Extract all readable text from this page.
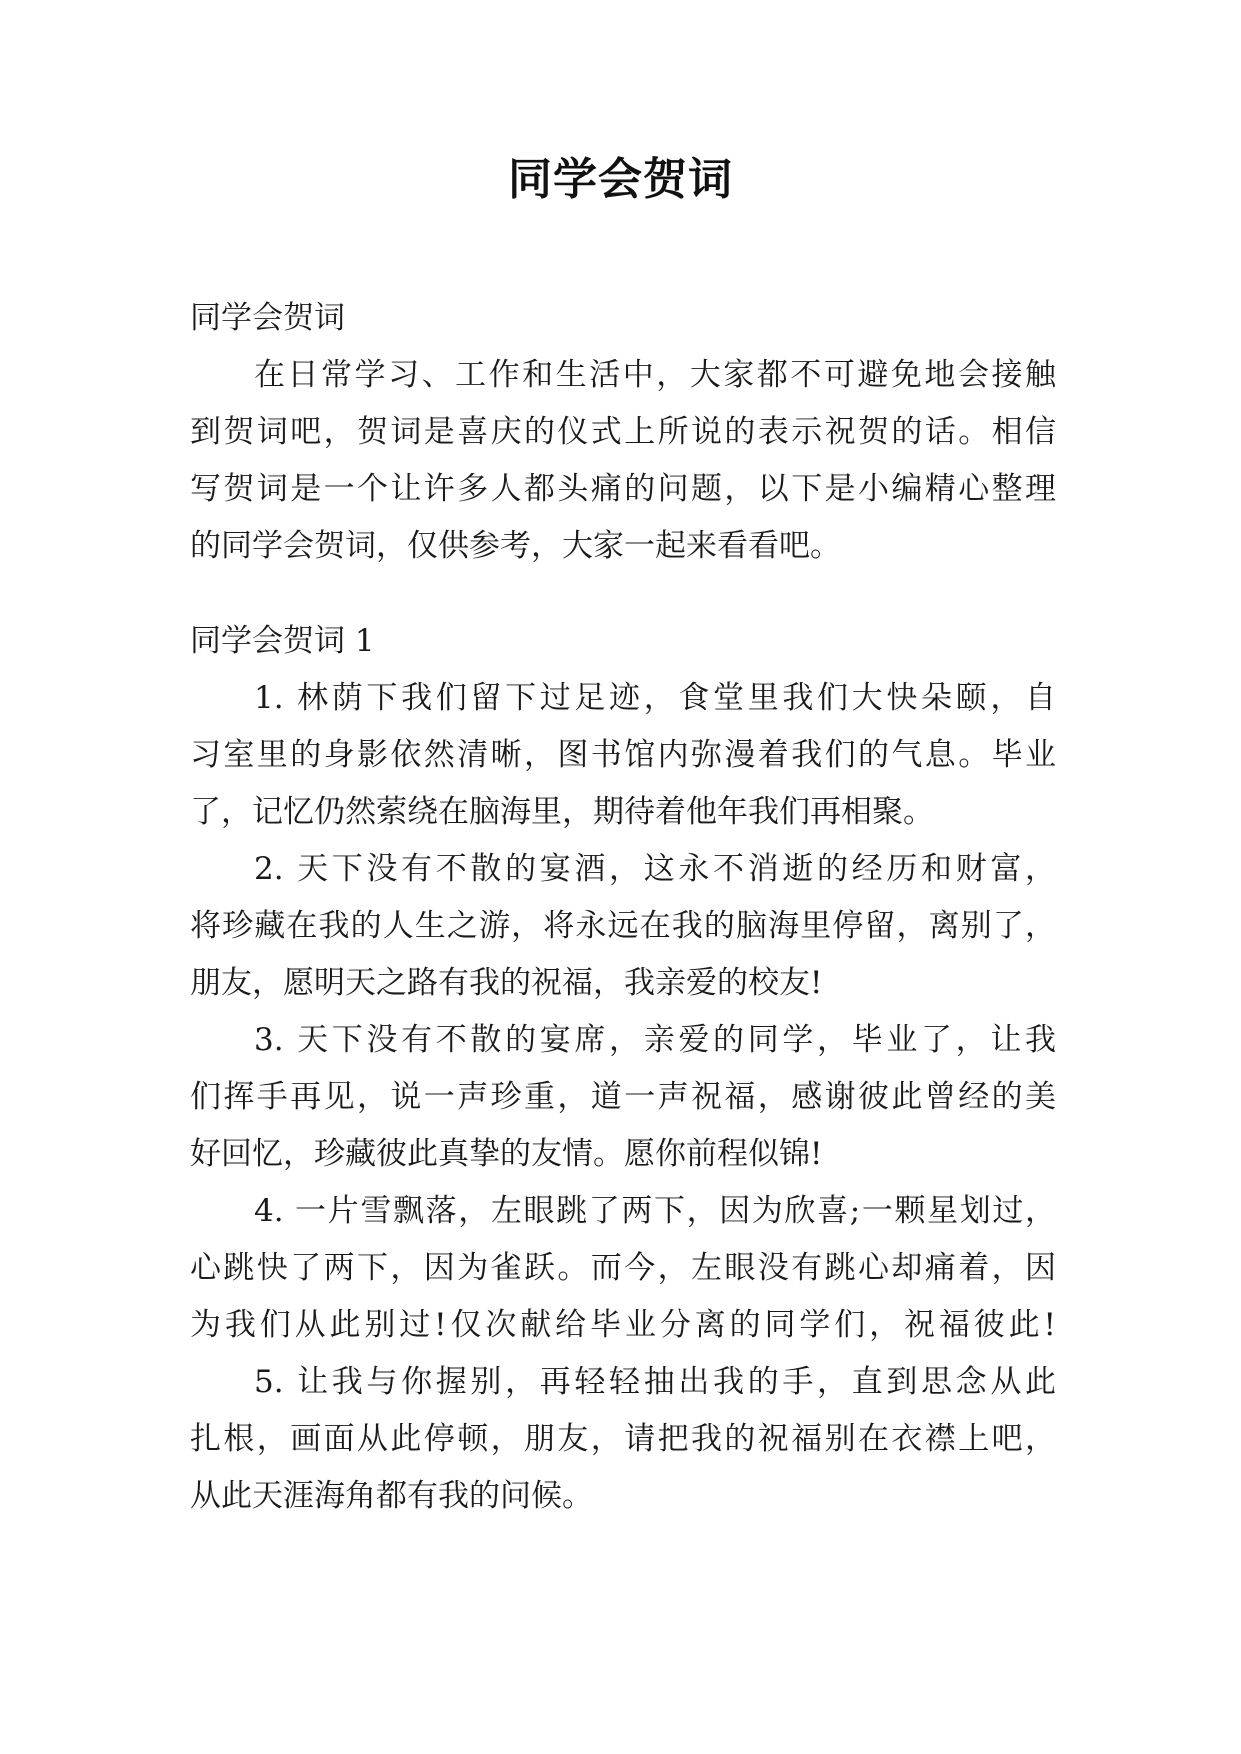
同学会贺词
同学会贺词
在日常学习、工作和生活中，大家都不可避免地会接触
到贺词吧，贺词是喜庆的仪式上所说的表示祝贺的话。相信
写贺词是一个让许多人都头痛的问题，以下是小编精心整理
的同学会贺词，仅供参考，大家一起来看看吧。
同学会贺词 1
1. 林荫下我们留下过足迹，食堂里我们大快朵颐，自
习室里的身影依然清晰，图书馆内弥漫着我们的气息。毕业
了，记忆仍然萦绕在脑海里，期待着他年我们再相聚。
2. 天下没有不散的宴酒，这永不消逝的经历和财富，
将珍藏在我的人生之游，将永远在我的脑海里停留，离别了，
朋友，愿明天之路有我的祝福，我亲爱的校友!
3. 天下没有不散的宴席，亲爱的同学，毕业了，让我
们挥手再见，说一声珍重，道一声祝福，感谢彼此曾经的美
好回忆，珍藏彼此真挚的友情。愿你前程似锦!
4. 一片雪飘落，左眼跳了两下，因为欣喜;一颗星划过，
心跳快了两下，因为雀跃。而今，左眼没有跳心却痛着，因
为我们从此别过!仅次献给毕业分离的同学们，祝福彼此!
5. 让我与你握别，再轻轻抽出我的手，直到思念从此
扎根，画面从此停顿，朋友，请把我的祝福别在衣襟上吧，
从此天涯海角都有我的问候。
